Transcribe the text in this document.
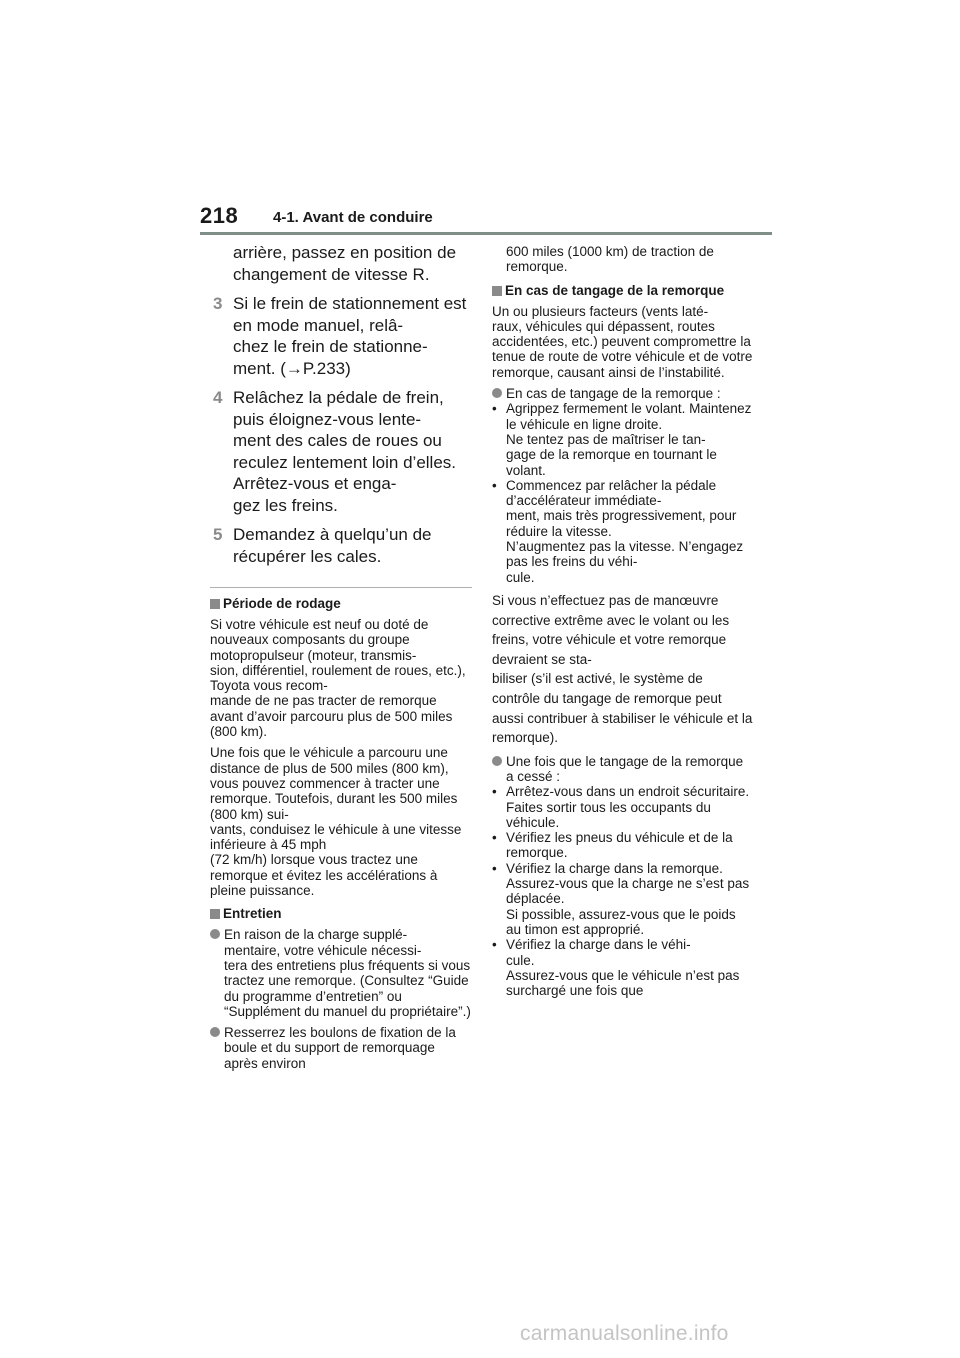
218 4-1. Avant de conduire
arrière, passez en position de changement de vitesse R.
3 Si le frein de stationnement est en mode manuel, relâ-
chez le frein de stationne-
ment. (→P.233)
4 Relâchez la pédale de frein, puis éloignez-vous lente-
ment des cales de roues ou reculez lentement loin d’elles. Arrêtez-vous et enga-
gez les freins.
5 Demandez à quelqu’un de récupérer les cales.
Période de rodage
Si votre véhicule est neuf ou doté de nouveaux composants du groupe motopropulseur (moteur, transmis-
sion, différentiel, roulement de roues, etc.), Toyota vous recom-
mande de ne pas tracter de remorque avant d’avoir parcouru plus de 500 miles (800 km).
Une fois que le véhicule a parcouru une distance de plus de 500 miles (800 km), vous pouvez commencer à tracter une remorque. Toutefois, durant les 500 miles (800 km) sui-
vants, conduisez le véhicule à une vitesse inférieure à 45 mph
(72 km/h) lorsque vous tractez une remorque et évitez les accélérations à pleine puissance.
Entretien
En raison de la charge supplé-
mentaire, votre véhicule nécessi-
tera des entretiens plus fréquents si vous tractez une remorque. (Consultez “Guide du programme d’entretien” ou “Supplément du manuel du propriétaire”.)
Resserrez les boulons de fixation de la boule et du support de remorquage après environ
600 miles (1000 km) de traction de remorque.
En cas de tangage de la remorque
Un ou plusieurs facteurs (vents laté-
raux, véhicules qui dépassent, routes accidentées, etc.) peuvent compromettre la tenue de route de votre véhicule et de votre remorque, causant ainsi de l’instabilité.
En cas de tangage de la remorque :
• Agrippez fermement le volant. Maintenez le véhicule en ligne droite.
Ne tentez pas de maîtriser le tan-
gage de la remorque en tournant le volant.
• Commencez par relâcher la pédale d’accélérateur immédiate-
ment, mais très progressivement, pour réduire la vitesse.
N’augmentez pas la vitesse. N’engagez pas les freins du véhi-
cule.
Si vous n’effectuez pas de manœuvre corrective extrême avec le volant ou les freins, votre véhicule et votre remorque devraient se sta-
biliser (s’il est activé, le système de contrôle du tangage de remorque peut aussi contribuer à stabiliser le véhicule et la remorque).
Une fois que le tangage de la remorque a cessé :
• Arrêtez-vous dans un endroit sécuritaire. Faites sortir tous les occupants du véhicule.
• Vérifiez les pneus du véhicule et de la remorque.
• Vérifiez la charge dans la remorque.
Assurez-vous que la charge ne s’est pas déplacée.
Si possible, assurez-vous que le poids au timon est approprié.
• Vérifiez la charge dans le véhi-
cule.
Assurez-vous que le véhicule n’est pas surchargé une fois que
carmanualsonline.info
